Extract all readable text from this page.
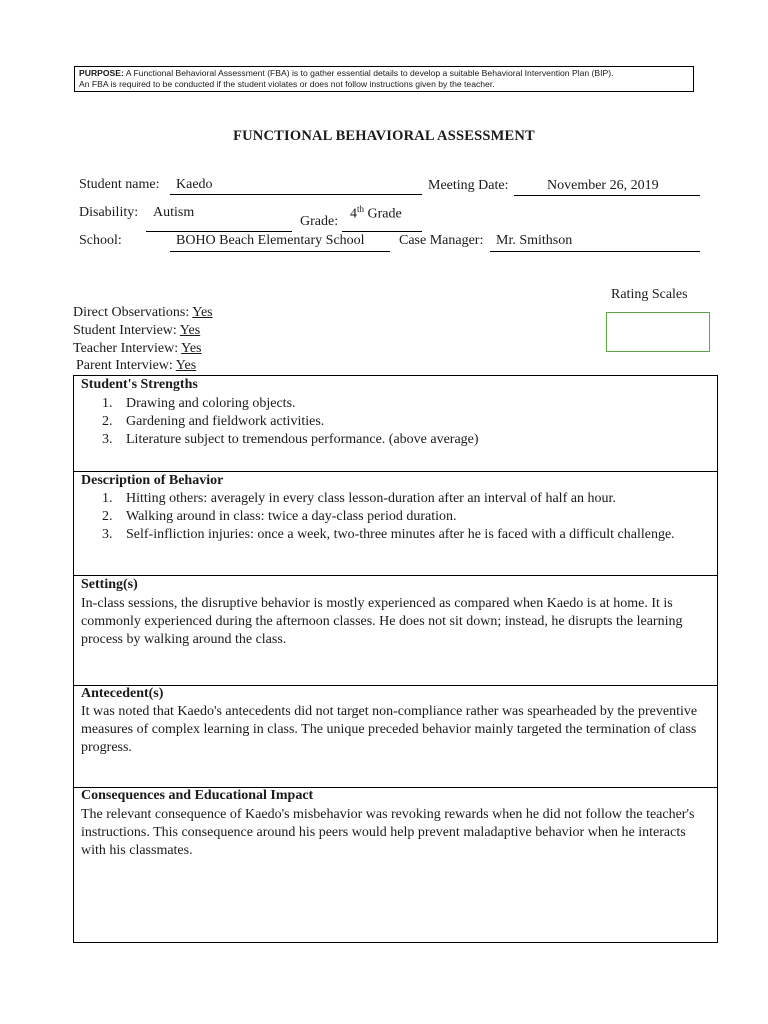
PURPOSE: A Functional Behavioral Assessment (FBA) is to gather essential details to develop a suitable Behavioral Intervention Plan (BIP).
An FBA is required to be conducted if the student violates or does not follow instructions given by the teacher.
FUNCTIONAL BEHAVIORAL ASSESSMENT
Student name: Kaedo	Meeting Date:	November 26, 2019
Disability: Autism
Grade: 4th Grade
School:	BOHO Beach Elementary School Case Manager: Mr. Smithson
Rating Scales
Direct Observations: Yes
Student Interview: Yes
Teacher Interview: Yes
Parent Interview: Yes
Student's Strengths
1. Drawing and coloring objects.
2. Gardening and fieldwork activities.
3. Literature subject to tremendous performance. (above average)
Description of Behavior
1. Hitting others: averagely in every class lesson-duration after an interval of half an hour.
2. Walking around in class: twice a day-class period duration.
3. Self-infliction injuries: once a week, two-three minutes after he is faced with a difficult challenge.
Setting(s)
In-class sessions, the disruptive behavior is mostly experienced as compared when Kaedo is at home. It is commonly experienced during the afternoon classes. He does not sit down; instead, he disrupts the learning process by walking around the class.
Antecedent(s)
It was noted that Kaedo's antecedents did not target non-compliance rather was spearheaded by the preventive measures of complex learning in class. The unique preceded behavior mainly targeted the termination of class progress.
Consequences and Educational Impact
The relevant consequence of Kaedo's misbehavior was revoking rewards when he did not follow the teacher's instructions. This consequence around his peers would help prevent maladaptive behavior when he interacts with his classmates.
